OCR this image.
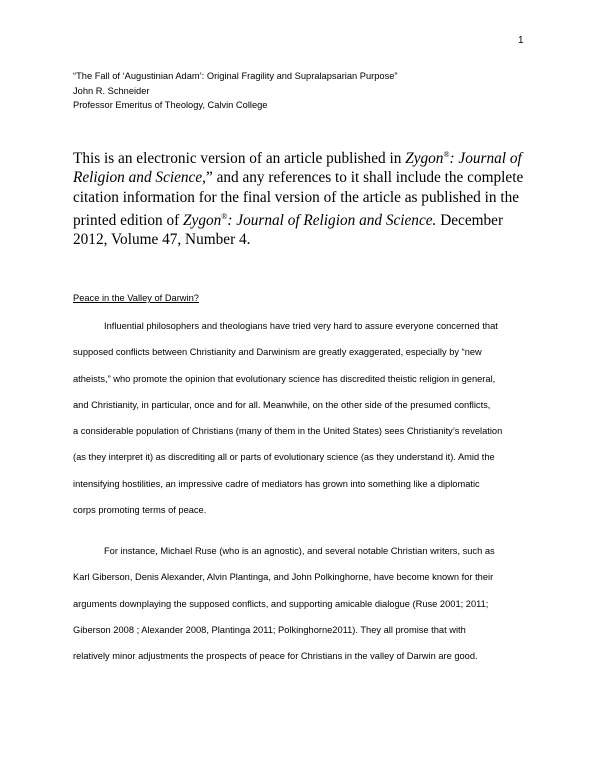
1
“The Fall of ‘Augustinian Adam’: Original Fragility and Supralapsarian Purpose”
John R. Schneider
Professor Emeritus of Theology, Calvin College
This is an electronic version of an article published in Zygon®: Journal of Religion and Science,” and any references to it shall include the complete citation information for the final version of the article as published in the printed edition of Zygon®: Journal of Religion and Science. December 2012, Volume 47, Number 4.
Peace in the Valley of Darwin?
Influential philosophers and theologians have tried very hard to assure everyone concerned that
supposed conflicts between Christianity and Darwinism are greatly exaggerated, especially by “new
atheists,” who promote the opinion that evolutionary science has discredited theistic religion in general,
and Christianity, in particular, once and for all. Meanwhile, on the other side of the presumed conflicts,
a considerable population of Christians (many of them in the United States) sees Christianity’s revelation
(as they interpret it) as discrediting all or parts of evolutionary science (as they understand it). Amid the
intensifying hostilities, an impressive cadre of mediators has grown into something like a diplomatic
corps promoting terms of peace.
For instance, Michael Ruse (who is an agnostic), and several notable Christian writers, such as
Karl Giberson, Denis Alexander, Alvin Plantinga, and John Polkinghorne, have become known for their
arguments downplaying the supposed conflicts, and supporting amicable dialogue (Ruse 2001; 2011;
Giberson 2008 ; Alexander 2008, Plantinga 2011; Polkinghorne2011). They all promise that with
relatively minor adjustments the prospects of peace for Christians in the valley of Darwin are good.
